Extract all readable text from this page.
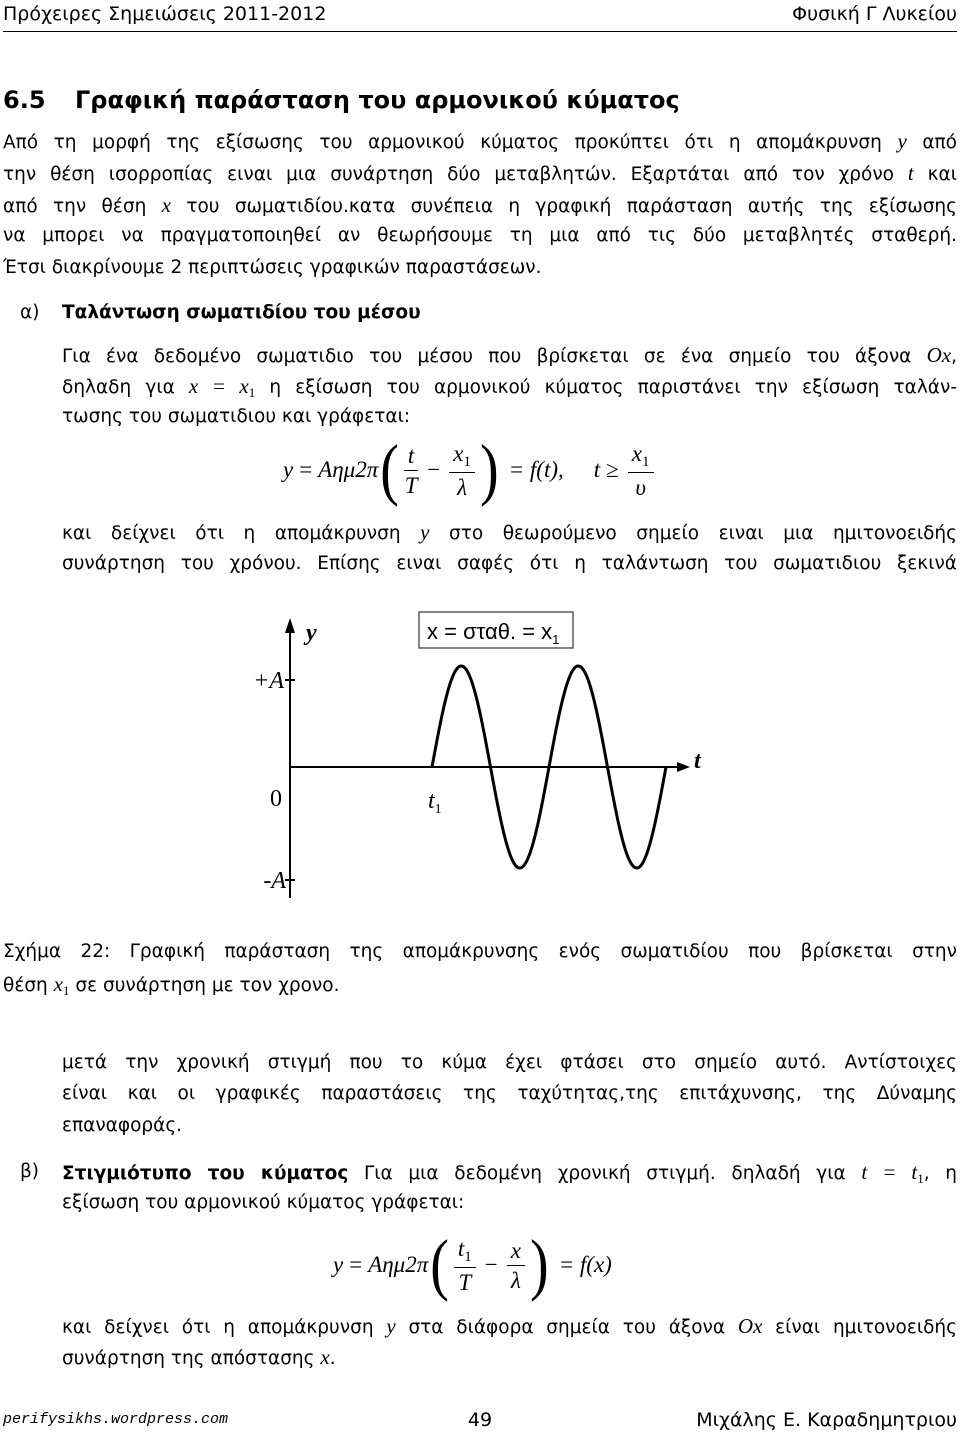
Πρόχειρες Σημειώσεις 2011-2012	Φυσική Γ Λυκείου
6.5 Γραφική παράσταση του αρμονικού κύματος
Από τη μορφή της εξίσωσης του αρμονικού κύματος προκύπτει ότι η απομάκρυνση y από
την θέση ισορροπίας ειναι μια συνάρτηση δύο μεταβλητών. Εξαρτάται από τον χρόνο t και
από την θέση x του σωματιδίου.κατα συνέπεια η γραφική παράσταση αυτής της εξίσωσης
να μπορει να πραγματοποιηθεί αν θεωρήσουμε τη μια από τις δύο μεταβλητές σταθερή.
Έτσι διακρίνουμε 2 περιπτώσεις γραφικών παραστάσεων.
α)	Ταλάντωση σωματιδίου του μέσου
Για ένα δεδομένο σωματιδιο του μέσου που βρίσκεται σε ένα σημείο του άξονα Ox,
δηλαδη για $x = x_1$ η εξίσωση του αρμονικού κύματος παριστάνει την εξίσωση ταλάν-
τωσης του σωματιδιου και γράφεται:
y = Aημ2π ( $\frac{t}{T} - \frac{x_1}{\lambda}$ ) = f(t), $t \ge \frac{x_1}{\upsilon}$
και δείχνει ότι η απομάκρυνση y στο θεωρούμενο σημείο ειναι μια ημιτονοειδής
συνάρτηση του χρόνου. Επίσης ειναι σαφές ότι η ταλάντωση του σωματιδιου ξεκινά
y
+A
0
-A
t
$t_1$
x = σταθ. = $x_1$
Σχήμα 22: Γραφική παράσταση της απομάκρυνσης ενός σωματιδίου που βρίσκεται στην
θέση $x_1$ σε συνάρτηση με τον χρονο.
μετά την χρονική στιγμή που το κύμα έχει φτάσει στο σημείο αυτό. Αντίστοιχες
είναι και οι γραφικές παραστάσεις της ταχύτητας,της επιτάχυνσης, της Δύναμης
επαναφοράς.
β)	Στιγμιότυπο του κύματος Για μια δεδομένη χρονική στιγμή. δηλαδή για $t = t_1$, η
εξίσωση του αρμονικού κύματος γράφεται:
y = Aημ2π ( $\frac{t_1}{T} - \frac{x}{\lambda}$ ) = f(x)
και δείχνει ότι η απομάκρυνση y στα διάφορα σημεία του άξονα Ox είναι ημιτονοειδής
συνάρτηση της απόστασης x.
perifysikhs.wordpress.com	49	Μιχάλης Ε. Καραδημητριου
